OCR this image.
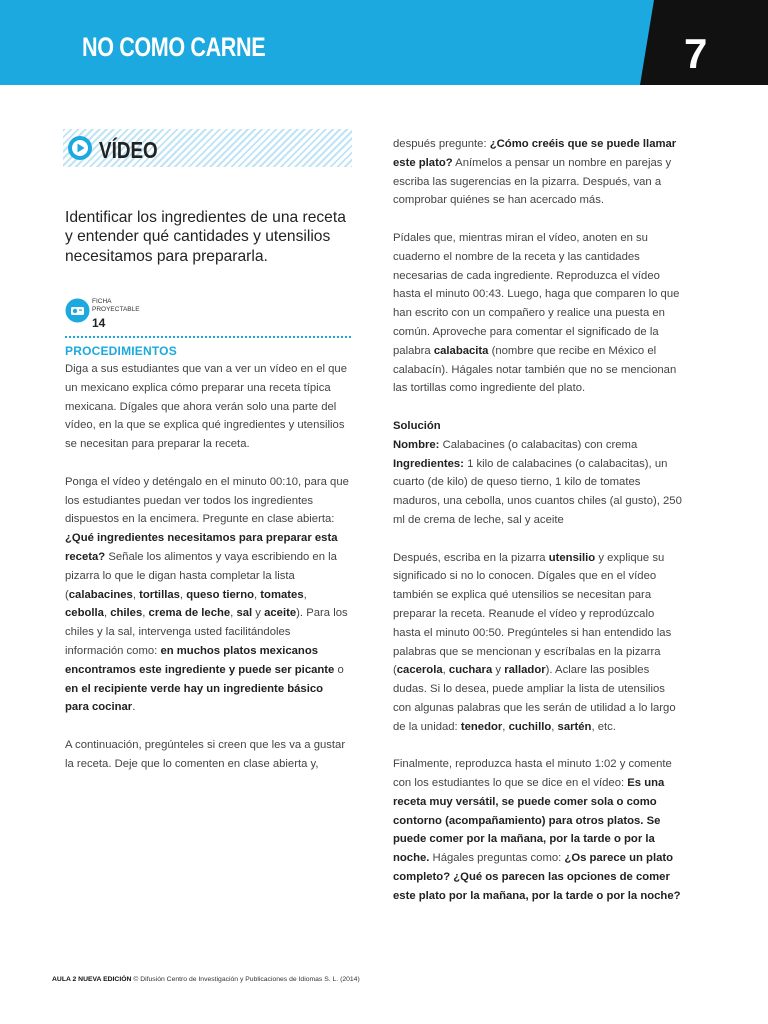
NO COMO CARNE	7
VÍDEO
Identificar los ingredientes de una receta y entender qué cantidades y utensilios necesitamos para prepararla.
FICHA PROYECTABLE
14
PROCEDIMIENTOS

Diga a sus estudiantes que van a ver un vídeo en el que un mexicano explica cómo preparar una receta típica mexicana. Dígales que ahora verán solo una parte del vídeo, en la que se explica qué ingredientes y utensilios se necesitan para preparar la receta.

Ponga el vídeo y deténgalo en el minuto 00:10, para que los estudiantes puedan ver todos los ingredientes dispuestos en la encimera. Pregunte en clase abierta: ¿Qué ingredientes necesitamos para preparar esta receta? Señale los alimentos y vaya escribiendo en la pizarra lo que le digan hasta completar la lista (calabacines, tortillas, queso tierno, tomates, cebolla, chiles, crema de leche, sal y aceite). Para los chiles y la sal, intervenga usted facilitándoles información como: en muchos platos mexicanos encontramos este ingrediente y puede ser picante o en el recipiente verde hay un ingrediente básico para cocinar.

A continuación, pregúnteles si creen que les va a gustar la receta. Deje que lo comenten en clase abierta y,

después pregunte: ¿Cómo creéis que se puede llamar este plato? Anímelos a pensar un nombre en parejas y escriba las sugerencias en la pizarra. Después, van a comprobar quiénes se han acercado más.

Pídales que, mientras miran el vídeo, anoten en su cuaderno el nombre de la receta y las cantidades necesarias de cada ingrediente. Reproduzca el vídeo hasta el minuto 00:43. Luego, haga que comparen lo que han escrito con un compañero y realice una puesta en común. Aproveche para comentar el significado de la palabra calabacita (nombre que recibe en México el calabacín). Hágales notar también que no se mencionan las tortillas como ingrediente del plato.

Solución

Nombre: Calabacines (o calabacitas) con crema

Ingredientes: 1 kilo de calabacines (o calabacitas), un cuarto (de kilo) de queso tierno, 1 kilo de tomates maduros, una cebolla, unos cuantos chiles (al gusto), 250 ml de crema de leche, sal y aceite

Después, escriba en la pizarra utensilio y explique su significado si no lo conocen. Dígales que en el vídeo también se explica qué utensilios se necesitan para preparar la receta. Reanude el vídeo y reprodúzcalo hasta el minuto 00:50. Pregúnteles si han entendido las palabras que se mencionan y escríbalas en la pizarra (cacerola, cuchara y rallador). Aclare las posibles dudas. Si lo desea, puede ampliar la lista de utensilios con algunas palabras que les serán de utilidad a lo largo de la unidad: tenedor, cuchillo, sartén, etc.

Finalmente, reproduzca hasta el minuto 1:02 y comente con los estudiantes lo que se dice en el vídeo: Es una receta muy versátil, se puede comer sola o como contorno (acompañamiento) para otros platos. Se puede comer por la mañana, por la tarde o por la noche. Hágales preguntas como: ¿Os parece un plato completo? ¿Qué os parecen las opciones de comer este plato por la mañana, por la tarde o por la noche?

AULA 2 NUEVA EDICIÓN © Difusión Centro de Investigación y Publicaciones de Idiomas S. L. (2014)
